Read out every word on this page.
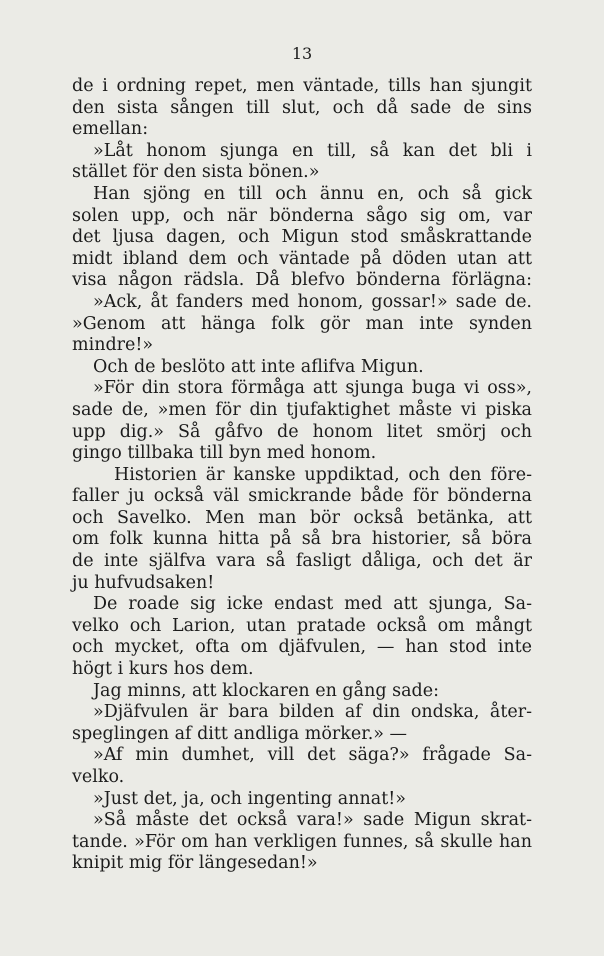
13
de i ordning repet, men väntade, tills han sjungit
den sista sången till slut, och då sade de sins
emellan:
»Låt honom sjunga en till, så kan det bli i
stället för den sista bönen.»
Han sjöng en till och ännu en, och så gick
solen upp, och när bönderna sågo sig om, var
det ljusa dagen, och Migun stod småskrattande
midt ibland dem och väntade på döden utan att
visa någon rädsla. Då blefvo bönderna förlägna:
»Ack, åt fanders med honom, gossar!» sade de.
»Genom att hänga folk gör man inte synden
mindre!»
Och de beslöto att inte aflifva Migun.
»För din stora förmåga att sjunga buga vi oss»,
sade de, »men för din tjufaktighet måste vi piska
upp dig.» Så gåfvo de honom litet smörj och
gingo tillbaka till byn med honom.
Historien är kanske uppdiktad, och den före-
faller ju också väl smickrande både för bönderna
och Savelko. Men man bör också betänka, att
om folk kunna hitta på så bra historier, så böra
de inte själfva vara så fasligt dåliga, och det är
ju hufvudsaken!
De roade sig icke endast med att sjunga, Sa-
velko och Larion, utan pratade också om mångt
och mycket, ofta om djäfvulen, — han stod inte
högt i kurs hos dem.
Jag minns, att klockaren en gång sade:
»Djäfvulen är bara bilden af din ondska, åter-
speglingen af ditt andliga mörker.» —
»Af min dumhet, vill det säga?» frågade Sa-
velko.
»Just det, ja, och ingenting annat!»
»Så måste det också vara!» sade Migun skrat-
tande. »För om han verkligen funnes, så skulle han
knipit mig för längesedan!»
